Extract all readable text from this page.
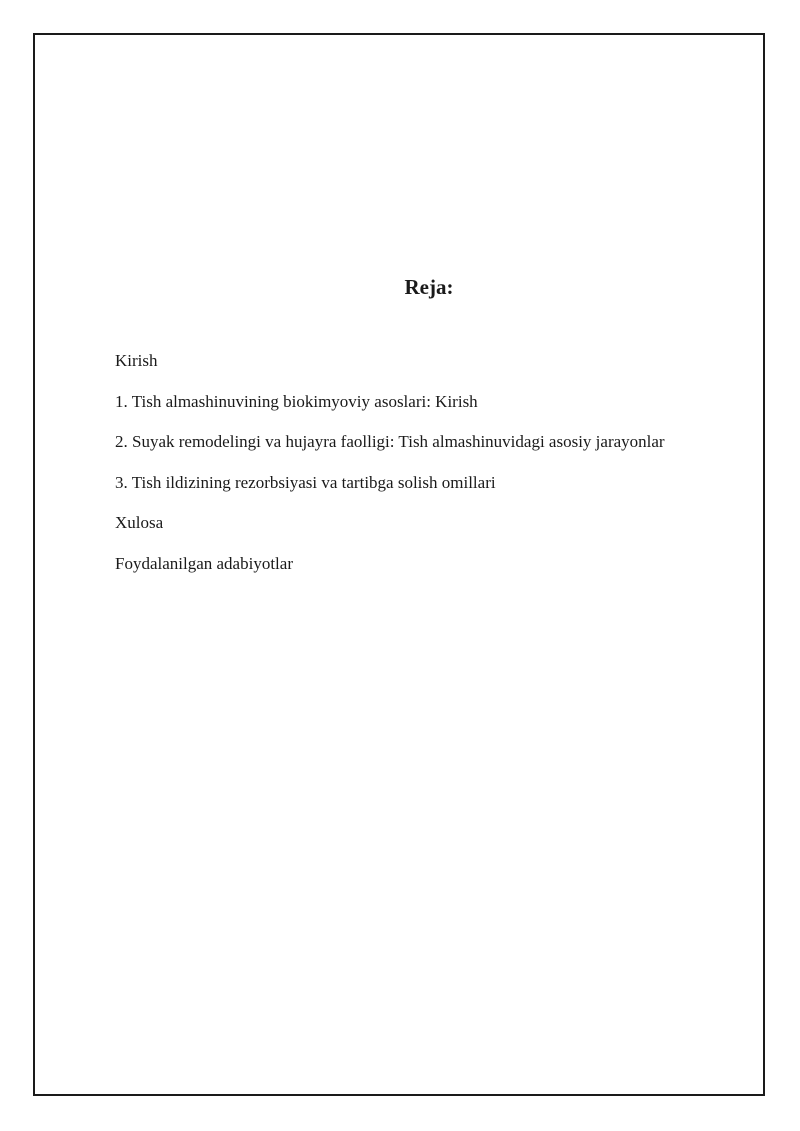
Reja:
Kirish
1. Tish almashinuvining biokimyoviy asoslari: Kirish
2. Suyak remodelingi va hujayra faolligi: Tish almashinuvidagi asosiy jarayonlar
3. Tish ildizining rezorbsiyasi va tartibga solish omillari
Xulosa
Foydalanilgan adabiyotlar
